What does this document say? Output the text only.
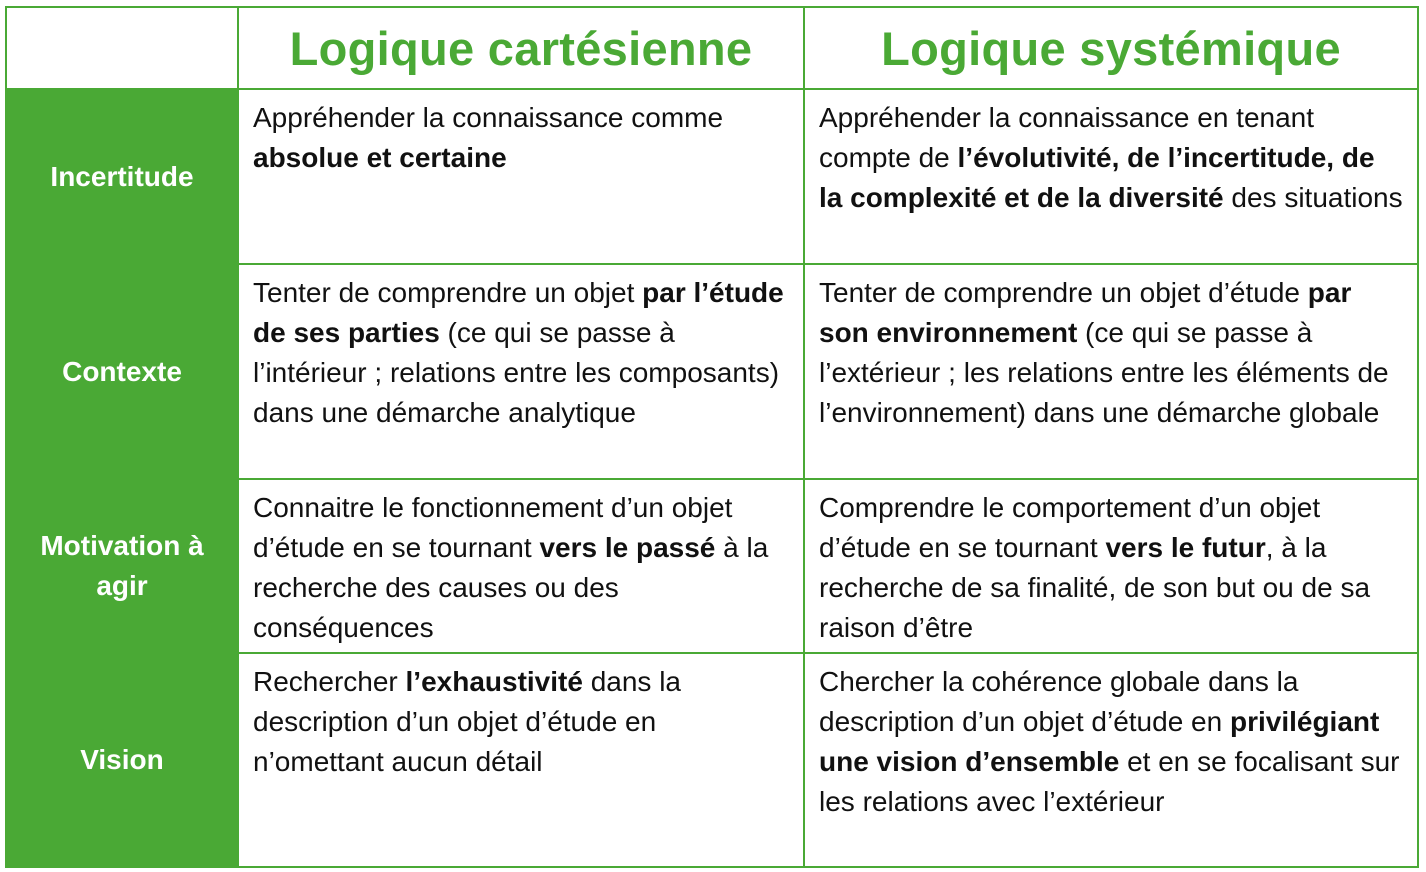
	Logique cartésienne	Logique systémique
Incertitude	Appréhender la connaissance comme absolue et certaine	Appréhender la connaissance en tenant compte de l’évolutivité, de l’incertitude, de la complexité et de la diversité des situations
Contexte	Tenter de comprendre un objet par l’étude de ses parties (ce qui se passe à l’intérieur ; relations entre les composants) dans une démarche analytique	Tenter de comprendre un objet d’étude par son environnement (ce qui se passe à l’extérieur ; les relations entre les éléments de l’environnement) dans une démarche globale
Motivation à agir	Connaitre le fonctionnement d’un objet d’étude en se tournant vers le passé à la recherche des causes ou des conséquences	Comprendre le comportement d’un objet d’étude en se tournant vers le futur, à la recherche de sa finalité, de son but ou de sa raison d’être
Vision	Rechercher l’exhaustivité dans la description d’un objet d’étude en n’omettant aucun détail	Chercher la cohérence globale dans la description d’un objet d’étude en privilégiant une vision d’ensemble et en se focalisant sur les relations avec l’extérieur
